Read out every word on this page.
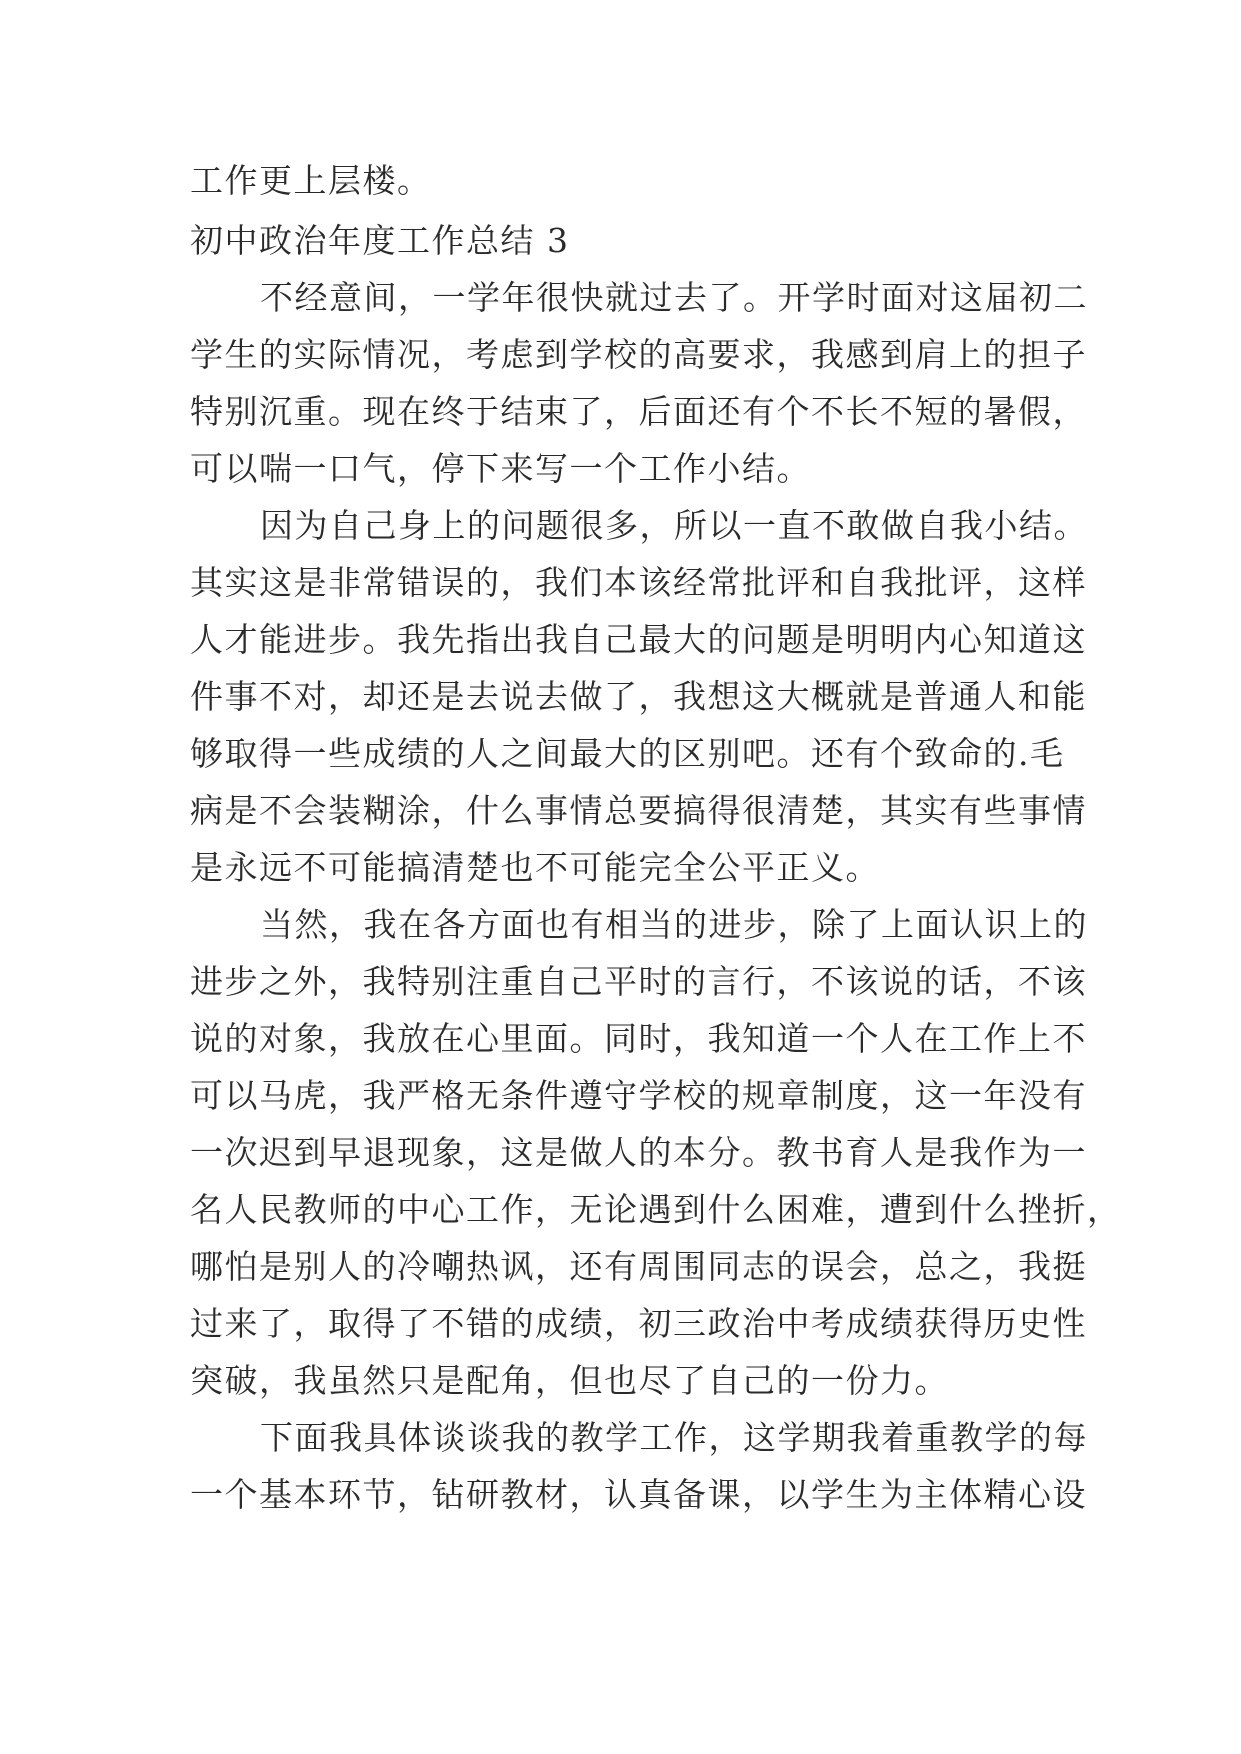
工作更上层楼。
初中政治年度工作总结 3
不经意间，一学年很快就过去了。开学时面对这届初二
学生的实际情况，考虑到学校的高要求，我感到肩上的担子
特别沉重。现在终于结束了，后面还有个不长不短的暑假，
可以喘一口气，停下来写一个工作小结。
因为自己身上的问题很多，所以一直不敢做自我小结。
其实这是非常错误的，我们本该经常批评和自我批评，这样
人才能进步。我先指出我自己最大的问题是明明内心知道这
件事不对，却还是去说去做了，我想这大概就是普通人和能
够取得一些成绩的人之间最大的区别吧。还有个致命的.毛
病是不会装糊涂，什么事情总要搞得很清楚，其实有些事情
是永远不可能搞清楚也不可能完全公平正义。
当然，我在各方面也有相当的进步，除了上面认识上的
进步之外，我特别注重自己平时的言行，不该说的话，不该
说的对象，我放在心里面。同时，我知道一个人在工作上不
可以马虎，我严格无条件遵守学校的规章制度，这一年没有
一次迟到早退现象，这是做人的本分。教书育人是我作为一
名人民教师的中心工作，无论遇到什么困难，遭到什么挫折，
哪怕是别人的冷嘲热讽，还有周围同志的误会，总之，我挺
过来了，取得了不错的成绩，初三政治中考成绩获得历史性
突破，我虽然只是配角，但也尽了自己的一份力。
下面我具体谈谈我的教学工作，这学期我着重教学的每
一个基本环节，钻研教材，认真备课，以学生为主体精心设
